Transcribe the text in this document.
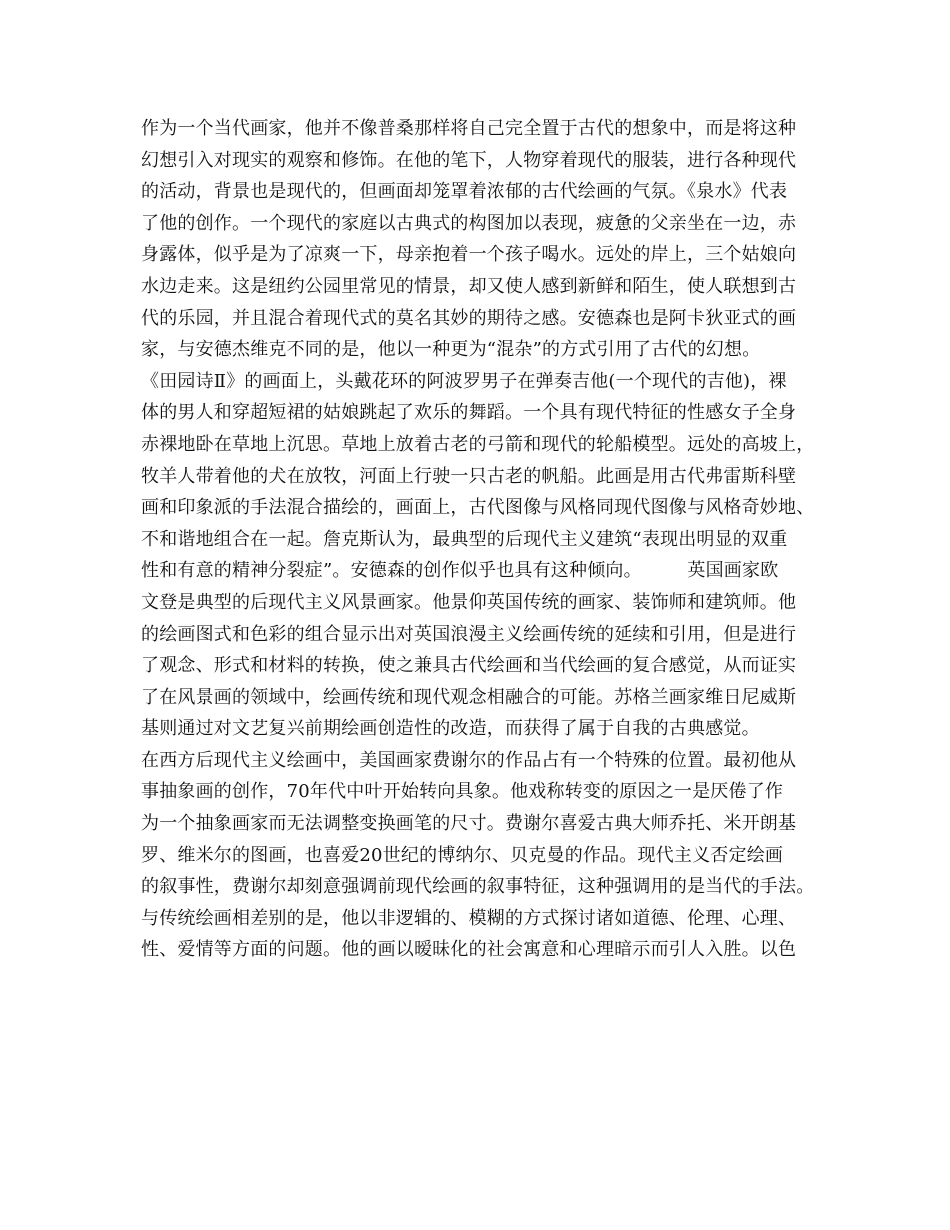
作为一个当代画家，他并不像普桑那样将自己完全置于古代的想象中，而是将这种
幻想引入对现实的观察和修饰。在他的笔下，人物穿着现代的服装，进行各种现代
的活动，背景也是现代的，但画面却笼罩着浓郁的古代绘画的气氛。《泉水》代表
了他的创作。一个现代的家庭以古典式的构图加以表现，疲惫的父亲坐在一边，赤
身露体，似乎是为了凉爽一下，母亲抱着一个孩子喝水。远处的岸上，三个姑娘向
水边走来。这是纽约公园里常见的情景，却又使人感到新鲜和陌生，使人联想到古
代的乐园，并且混合着现代式的莫名其妙的期待之感。安德森也是阿卡狄亚式的画
家，与安德杰维克不同的是，他以一种更为“混杂”的方式引用了古代的幻想。
《田园诗Ⅱ》的画面上，头戴花环的阿波罗男子在弹奏吉他(一个现代的吉他)，裸
体的男人和穿超短裙的姑娘跳起了欢乐的舞蹈。一个具有现代特征的性感女子全身
赤裸地卧在草地上沉思。草地上放着古老的弓箭和现代的轮船模型。远处的高坡上，
牧羊人带着他的犬在放牧，河面上行驶一只古老的帆船。此画是用古代弗雷斯科壁
画和印象派的手法混合描绘的，画面上，古代图像与风格同现代图像与风格奇妙地、
不和谐地组合在一起。詹克斯认为，最典型的后现代主义建筑“表现出明显的双重
性和有意的精神分裂症”。安德森的创作似乎也具有这种倾向。　　　英国画家欧
文登是典型的后现代主义风景画家。他景仰英国传统的画家、装饰师和建筑师。他
的绘画图式和色彩的组合显示出对英国浪漫主义绘画传统的延续和引用，但是进行
了观念、形式和材料的转换，使之兼具古代绘画和当代绘画的复合感觉，从而证实
了在风景画的领域中，绘画传统和现代观念相融合的可能。苏格兰画家维日尼威斯
基则通过对文艺复兴前期绘画创造性的改造，而获得了属于自我的古典感觉。
在西方后现代主义绘画中，美国画家费谢尔的作品占有一个特殊的位置。最初他从
事抽象画的创作，70年代中叶开始转向具象。他戏称转变的原因之一是厌倦了作
为一个抽象画家而无法调整变换画笔的尺寸。费谢尔喜爱古典大师乔托、米开朗基
罗、维米尔的图画，也喜爱20世纪的博纳尔、贝克曼的作品。现代主义否定绘画
的叙事性，费谢尔却刻意强调前现代绘画的叙事特征，这种强调用的是当代的手法。
与传统绘画相差别的是，他以非逻辑的、模糊的方式探讨诸如道德、伦理、心理、
性、爱情等方面的问题。他的画以暧昧化的社会寓意和心理暗示而引人入胜。以色
